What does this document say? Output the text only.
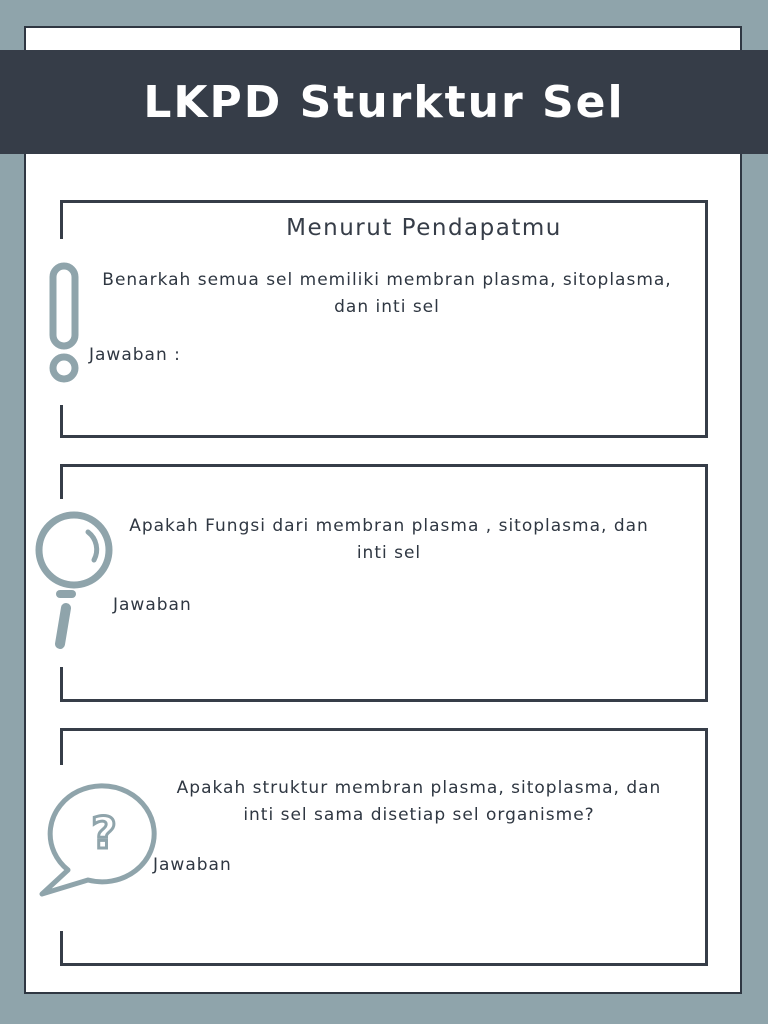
LKPD Sturktur Sel
Menurut Pendapatmu
Benarkah semua sel memiliki membran plasma, sitoplasma, dan inti sel
Jawaban :
Apakah Fungsi dari membran plasma , sitoplasma, dan inti sel
Jawaban
Apakah struktur membran plasma, sitoplasma, dan inti sel sama disetiap sel organisme?
Jawaban
?
